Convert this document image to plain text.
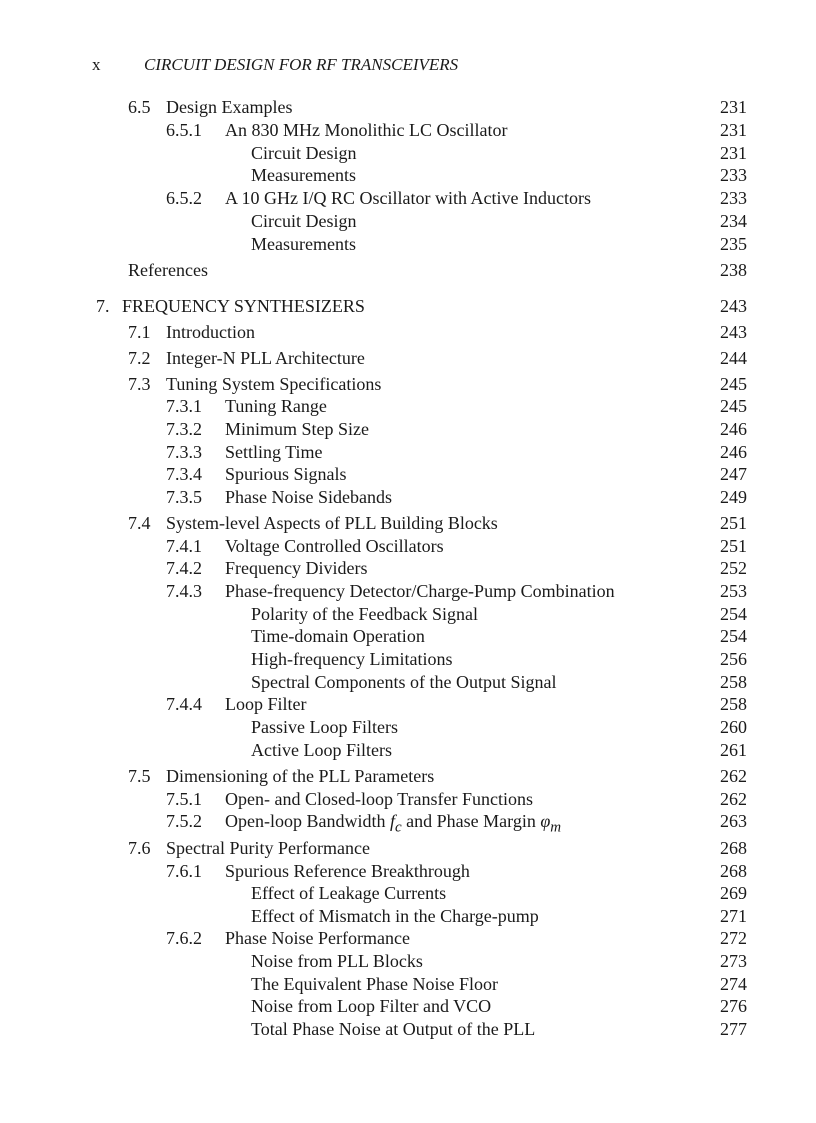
x	CIRCUIT DESIGN FOR RF TRANSCEIVERS
6.5 Design Examples	231
6.5.1 An 830 MHz Monolithic LC Oscillator	231
Circuit Design	231
Measurements	233
6.5.2 A 10 GHz I/Q RC Oscillator with Active Inductors	233
Circuit Design	234
Measurements	235
References	238
7. FREQUENCY SYNTHESIZERS	243
7.1 Introduction	243
7.2 Integer-N PLL Architecture	244
7.3 Tuning System Specifications	245
7.3.1 Tuning Range	245
7.3.2 Minimum Step Size	246
7.3.3 Settling Time	246
7.3.4 Spurious Signals	247
7.3.5 Phase Noise Sidebands	249
7.4 System-level Aspects of PLL Building Blocks	251
7.4.1 Voltage Controlled Oscillators	251
7.4.2 Frequency Dividers	252
7.4.3 Phase-frequency Detector/Charge-Pump Combination	253
Polarity of the Feedback Signal	254
Time-domain Operation	254
High-frequency Limitations	256
Spectral Components of the Output Signal	258
7.4.4 Loop Filter	258
Passive Loop Filters	260
Active Loop Filters	261
7.5 Dimensioning of the PLL Parameters	262
7.5.1 Open- and Closed-loop Transfer Functions	262
7.5.2 Open-loop Bandwidth $f_c$ and Phase Margin $\varphi_m$	263
7.6 Spectral Purity Performance	268
7.6.1 Spurious Reference Breakthrough	268
Effect of Leakage Currents	269
Effect of Mismatch in the Charge-pump	271
7.6.2 Phase Noise Performance	272
Noise from PLL Blocks	273
The Equivalent Phase Noise Floor	274
Noise from Loop Filter and VCO	276
Total Phase Noise at Output of the PLL	277
